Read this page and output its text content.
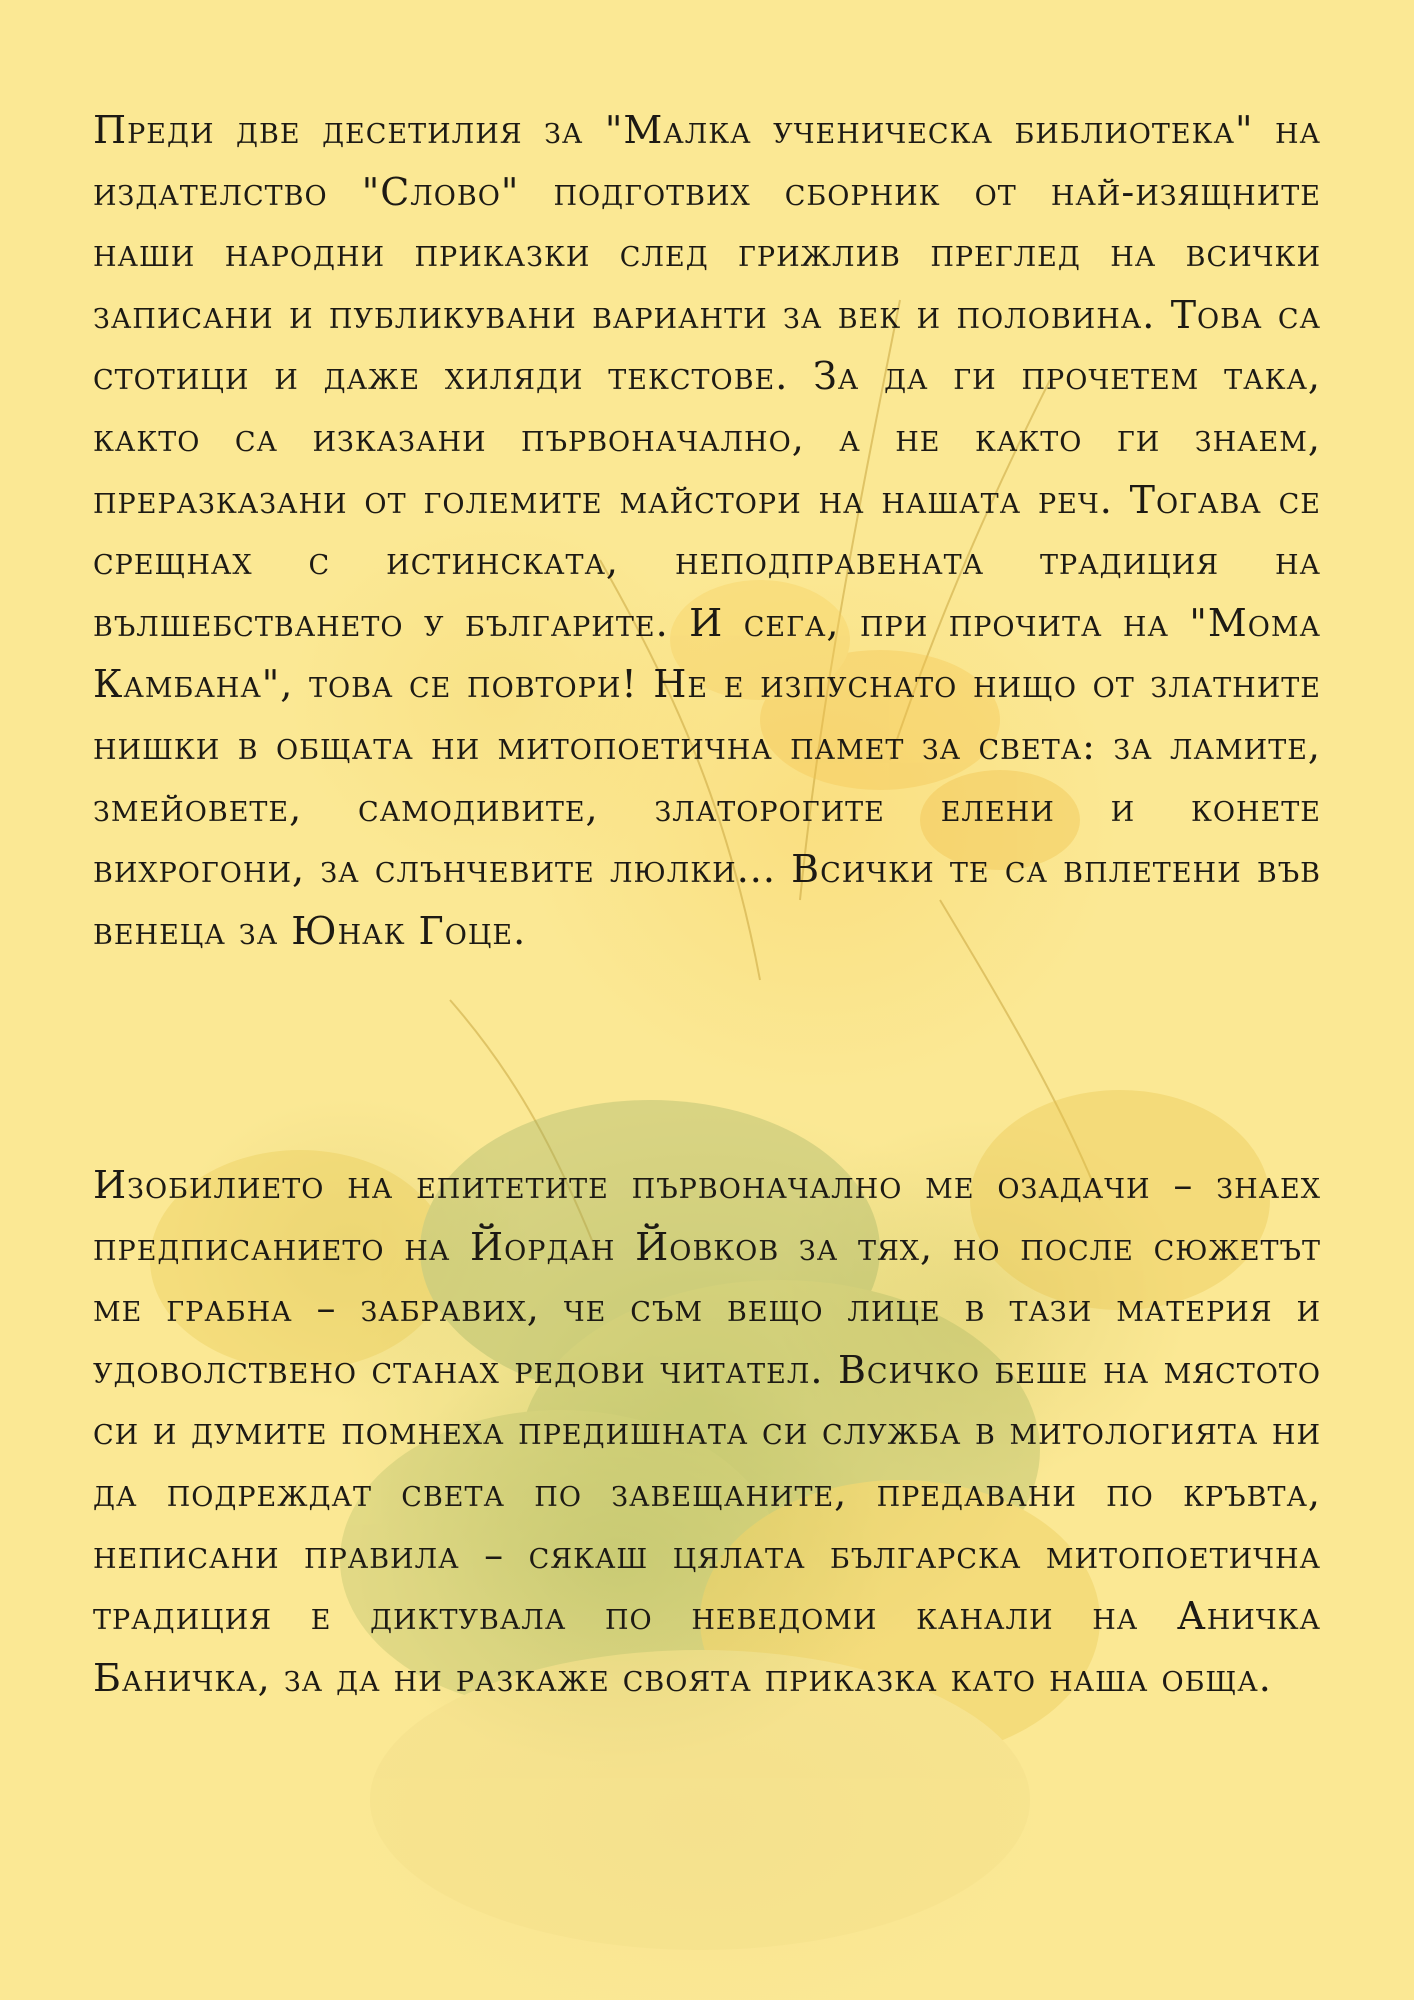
Преди две десетилия за "Малка ученическа библиотека" на издателство "Слово" подготвих сборник от най-изящните наши народни приказки след грижлив преглед на всички записани и публикувани варианти за век и половина. Това са стотици и даже хиляди текстове. За да ги прочетем така, както са изказани първоначално, а не както ги знаем, преразказани от големите майстори на нашата реч. Тогава се срещнах с истинската, неподправената традиция на вълшебстването у българите. И сега, при прочита на "Мома Камбана", това се повтори! Не е изпуснато нищо от златните нишки в общата ни митопоетична памет за света: за ламите, змейовете, самодивите, златорогите елени и конете вихрогони, за слънчевите люлки... Всички те са вплетени във венеца за Юнак Гоце.

Изобилието на епитетите първоначално ме озадачи – знаех предписанието на Йордан Йовков за тях, но после сюжетът ме грабна – забравих, че съм вещо лице в тази материя и удоволствено станах редови читател. Всичко беше на мястото си и думите помнеха предишната си служба в митологията ни да подреждат света по завещаните, предавани по кръвта, неписани правила – сякаш цялата българска митопоетична традиция е диктувала по неведоми канали на Аничка Баничка, за да ни разкаже своята приказка като наша обща.
